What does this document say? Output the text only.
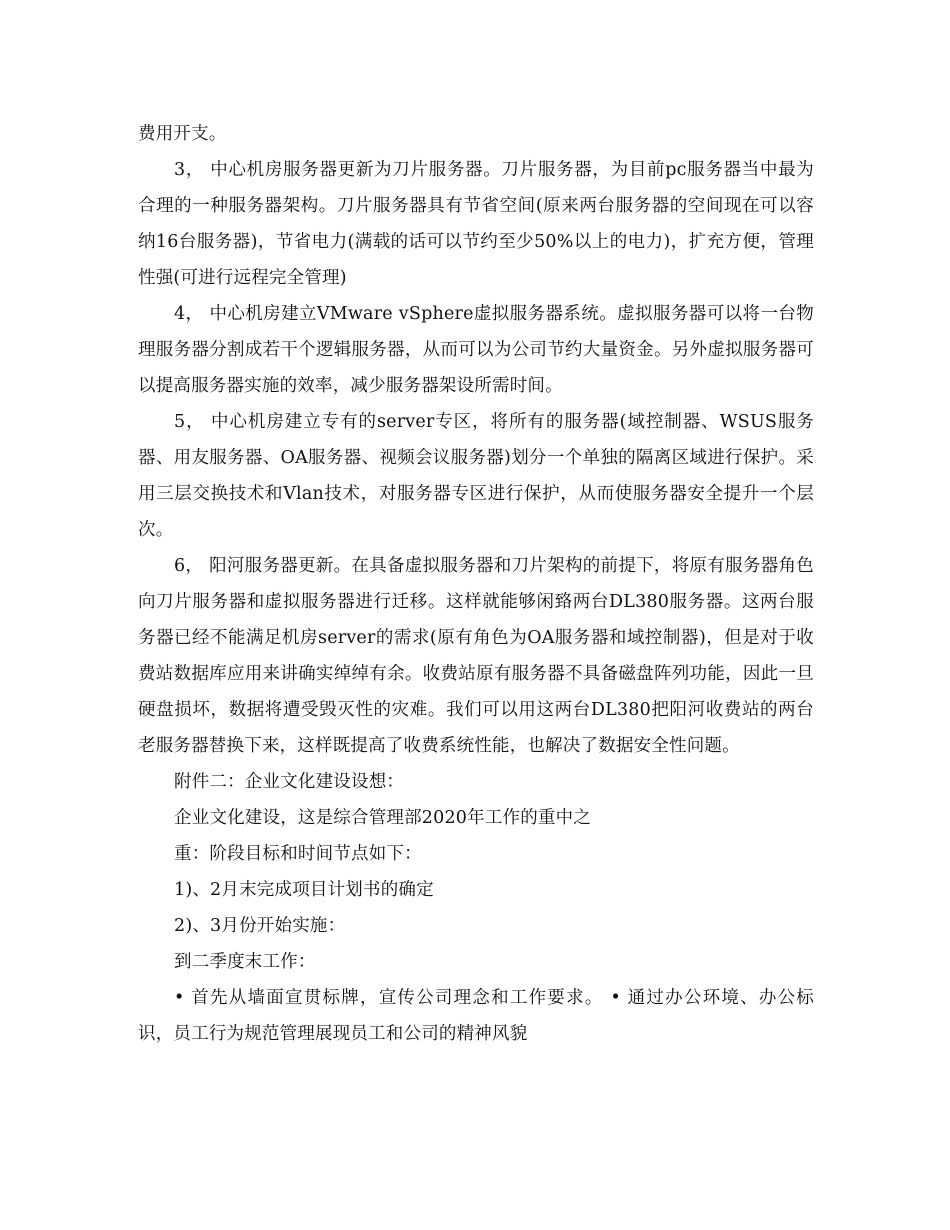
费用开支。

3， 中心机房服务器更新为刀片服务器。刀片服务器，为目前pc服务器当中最为合理的一种服务器架构。刀片服务器具有节省空间(原来两台服务器的空间现在可以容纳16台服务器)，节省电力(满载的话可以节约至少50%以上的电力)，扩充方便，管理性强(可进行远程完全管理)

4， 中心机房建立VMware vSphere虚拟服务器系统。虚拟服务器可以将一台物理服务器分割成若干个逻辑服务器，从而可以为公司节约大量资金。另外虚拟服务器可以提高服务器实施的效率，减少服务器架设所需时间。

5， 中心机房建立专有的server专区，将所有的服务器(域控制器、WSUS服务器、用友服务器、OA服务器、视频会议服务器)划分一个单独的隔离区域进行保护。采用三层交换技术和Vlan技术，对服务器专区进行保护，从而使服务器安全提升一个层次。

6， 阳河服务器更新。在具备虚拟服务器和刀片架构的前提下，将原有服务器角色向刀片服务器和虚拟服务器进行迁移。这样就能够闲臵两台DL380服务器。这两台服务器已经不能满足机房server的需求(原有角色为OA服务器和域控制器)，但是对于收费站数据库应用来讲确实绰绰有余。收费站原有服务器不具备磁盘阵列功能，因此一旦硬盘损坏，数据将遭受毁灭性的灾难。我们可以用这两台DL380把阳河收费站的两台老服务器替换下来，这样既提高了收费系统性能，也解决了数据安全性问题。

附件二：企业文化建设设想：

企业文化建设，这是综合管理部2020年工作的重中之

重：阶段目标和时间节点如下：

1)、2月末完成项目计划书的确定

2)、3月份开始实施：

到二季度末工作：

• 首先从墙面宣贯标牌，宣传公司理念和工作要求。 • 通过办公环境、办公标识，员工行为规范管理展现员工和公司的精神风貌
